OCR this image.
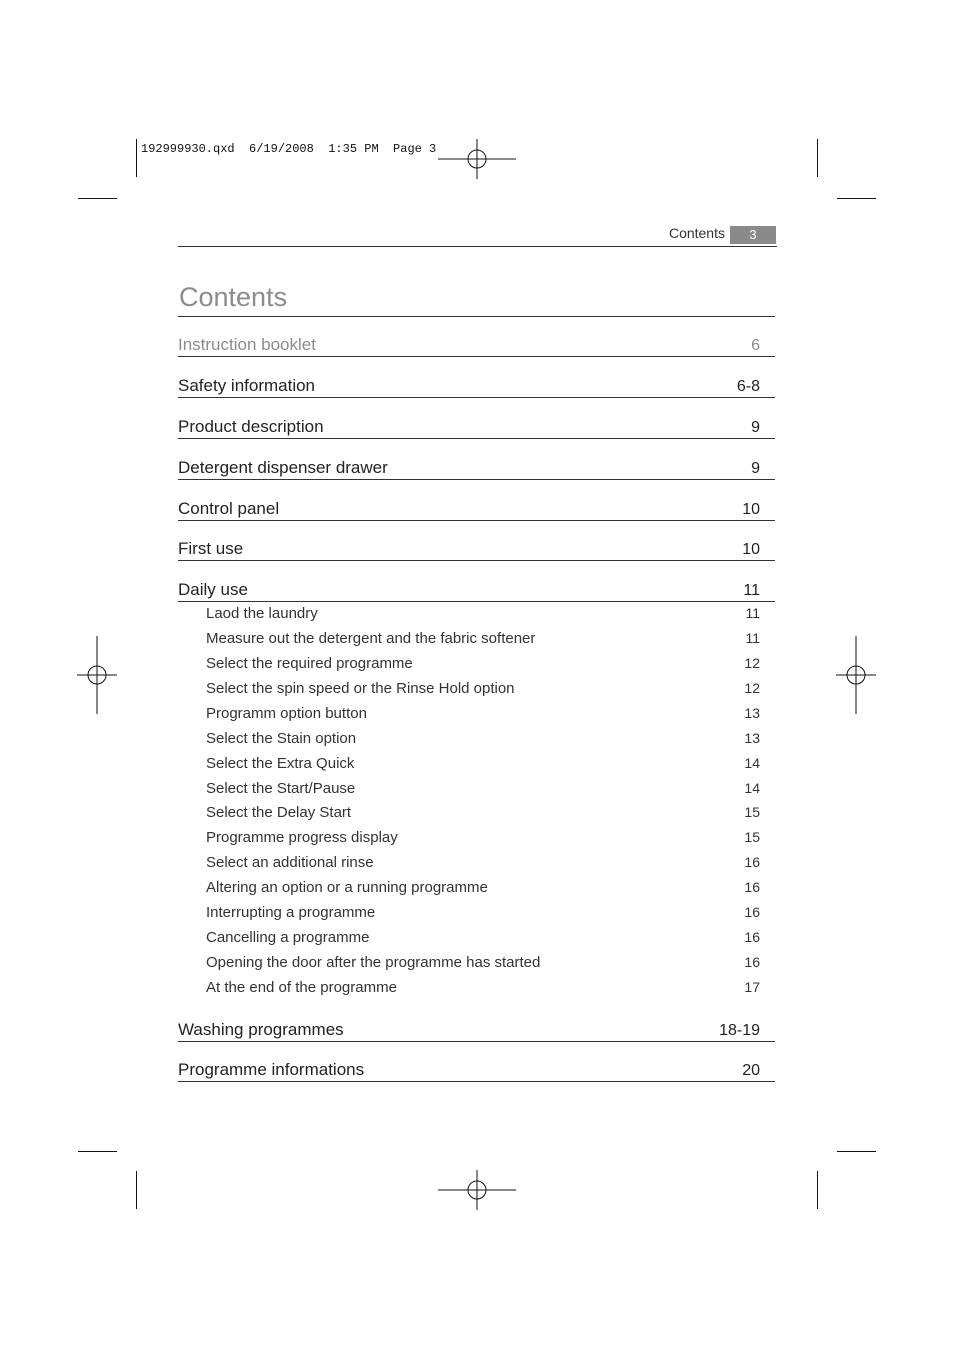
192999930.qxd  6/19/2008  1:35 PM  Page 3
Contents	3
Contents
Instruction booklet	6
Safety information	6-8
Product description	9
Detergent dispenser drawer	9
Control panel	10
First use	10
Daily use	11
Laod the laundry	11
Measure out the detergent and the fabric softener	11
Select the required programme	12
Select the spin speed or the Rinse Hold option	12
Programm option button	13
Select the Stain option	13
Select the Extra Quick	14
Select the Start/Pause	14
Select the Delay Start	15
Programme progress display	15
Select an additional rinse	16
Altering an option or a running programme	16
Interrupting a programme	16
Cancelling a programme	16
Opening the door after the programme has started	16
At the end of the programme	17
Washing programmes	18-19
Programme informations	20
